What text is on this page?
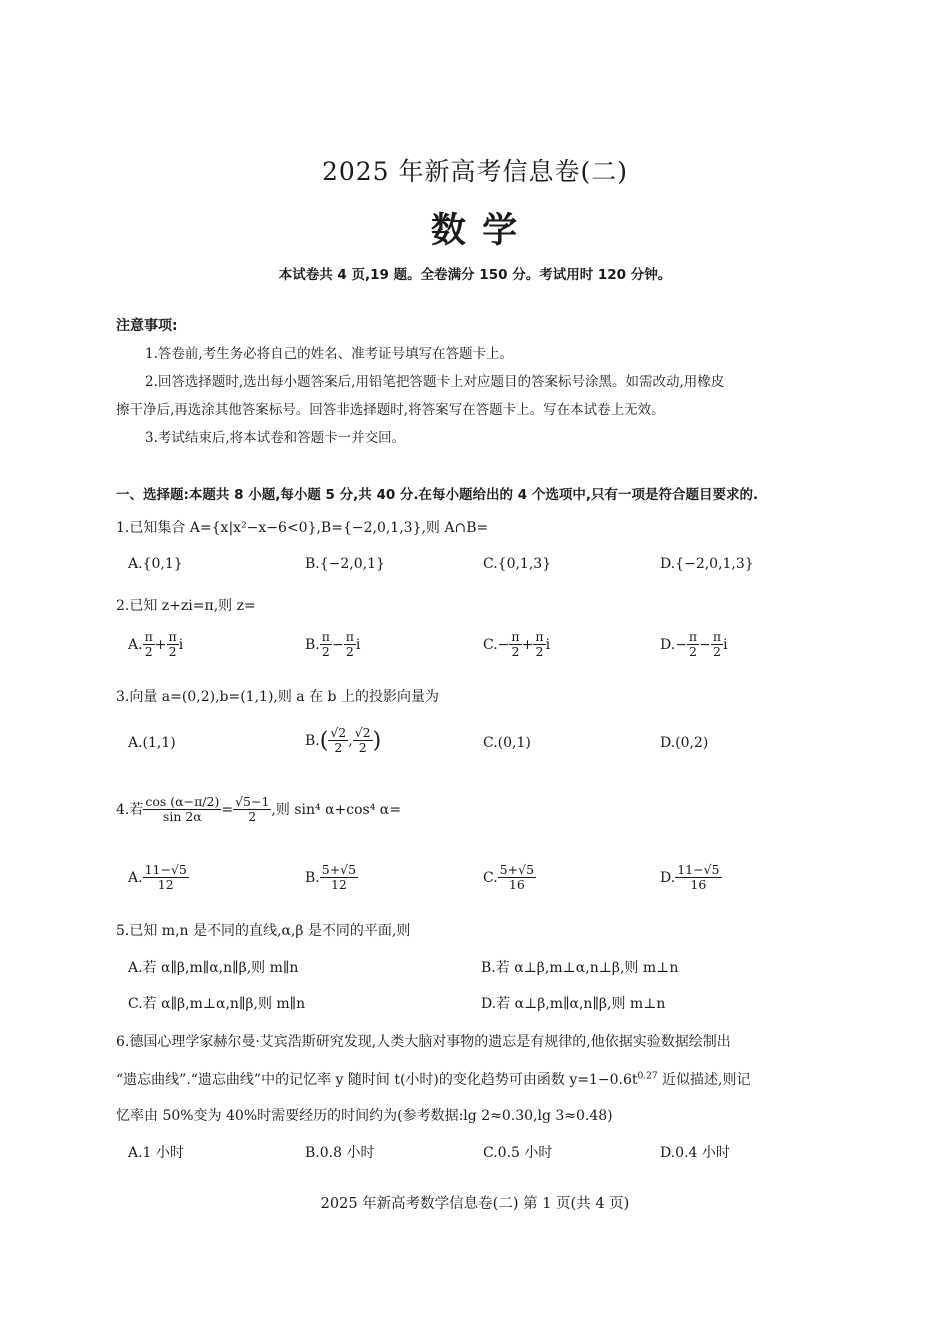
2025 年新高考信息卷(二)
数 学
本试卷共 4 页,19 题。全卷满分 150 分。考试用时 120 分钟。
注意事项:
1.答卷前,考生务必将自己的姓名、准考证号填写在答题卡上。
2.回答选择题时,选出每小题答案后,用铅笔把答题卡上对应题目的答案标号涂黑。如需改动,用橡皮
擦干净后,再选涂其他答案标号。回答非选择题时,将答案写在答题卡上。写在本试卷上无效。
3.考试结束后,将本试卷和答题卡一并交回。
一、选择题:本题共 8 小题,每小题 5 分,共 40 分.在每小题给出的 4 个选项中,只有一项是符合题目要求的.
1.已知集合 A={x|x²−x−6<0},B={−2,0,1,3},则 A∩B=
A.{0,1}	B.{−2,0,1}	C.{0,1,3}	D.{−2,0,1,3}
2.已知 z+zi=π,则 z=
A. $\frac{\pi}{2} + \frac{\pi}{2}$ i	B. $\frac{\pi}{2} - \frac{\pi}{2}$ i	$C.- \frac{\pi}{2} + \frac{\pi}{2}$ i	$D.- \frac{\pi}{2} - \frac{\pi}{2}$ i
3.向量 a=(0,2),b=(1,1),则 a 在 b 上的投影向量为
A.(1,1)	$B.( \frac{√2}{2}$ , $\frac{√2}{2}$ )	C.(0,1)	D.(0,2)
4.若 $\frac{\cos (\alpha-\pi/2)}{\sin 2\alpha} = \frac{√5-1}{2}$ ,则 sin⁴ α+cos⁴ α=
A. $\frac{11-√5}{12}$	B. $\frac{5+√5}{12}$	C. $\frac{5+√5}{16}$	D. $\frac{11-√5}{16}$
5.已知 m,n 是不同的直线,α,β 是不同的平面,则
A.若 α∥β,m∥α,n∥β,则 m∥n	B.若 α⊥β,m⊥α,n⊥β,则 m⊥n
C.若 α∥β,m⊥α,n∥β,则 m∥n	D.若 α⊥β,m∥α,n∥β,则 m⊥n
6.德国心理学家赫尔曼·艾宾浩斯研究发现,人类大脑对事物的遗忘是有规律的,他依据实验数据绘制出
“遗忘曲线”.“遗忘曲线”中的记忆率 y 随时间 t(小时)的变化趋势可由函数 $y=1-0.6t^{0.27}$ 近似描述,则记
忆率由 50%变为 40%时需要经历的时间约为(参考数据:lg 2≈0.30,lg 3≈0.48)
A.1 小时	B.0.8 小时	C.0.5 小时	D.0.4 小时
2025 年新高考数学信息卷(二) 第 1 页(共 4 页)
